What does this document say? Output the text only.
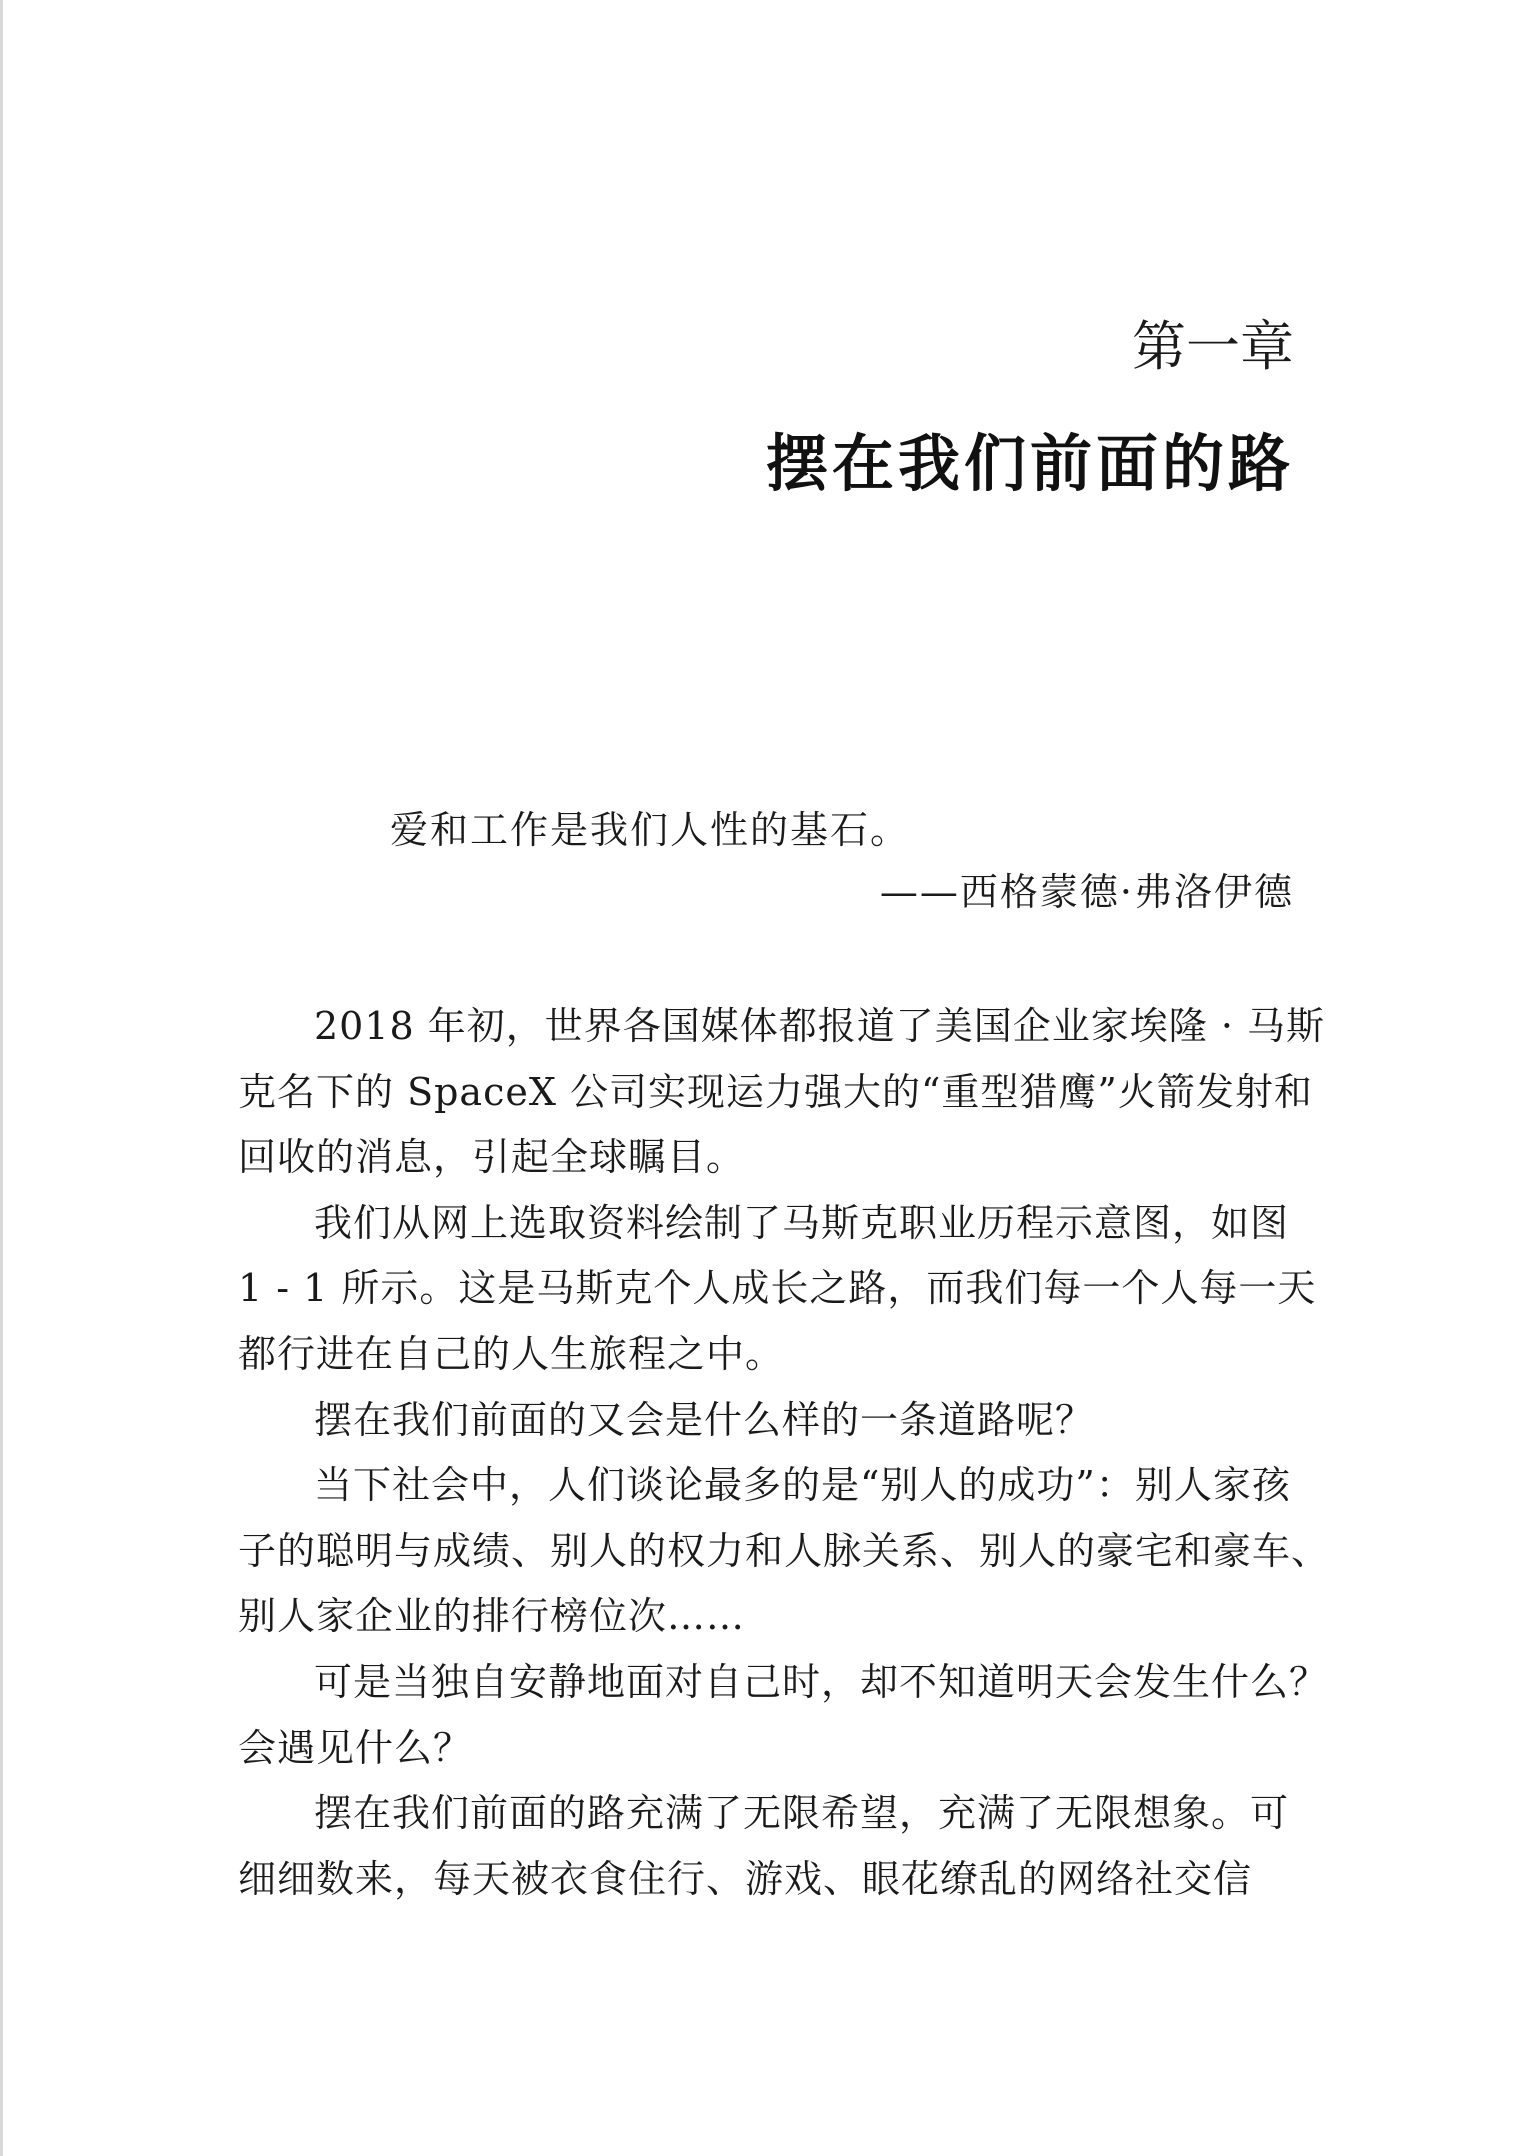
第一章
摆在我们前面的路
爱和工作是我们人性的基石。
——西格蒙德·弗洛伊德
2018 年初，世界各国媒体都报道了美国企业家埃隆 · 马斯
克名下的 SpaceX 公司实现运力强大的“重型猎鹰”火箭发射和
回收的消息，引起全球瞩目。
我们从网上选取资料绘制了马斯克职业历程示意图，如图
1 - 1 所示。这是马斯克个人成长之路，而我们每一个人每一天
都行进在自己的人生旅程之中。
摆在我们前面的又会是什么样的一条道路呢？
当下社会中，人们谈论最多的是“别人的成功”：别人家孩
子的聪明与成绩、别人的权力和人脉关系、别人的豪宅和豪车、
别人家企业的排行榜位次……
可是当独自安静地面对自己时，却不知道明天会发生什么？
会遇见什么？
摆在我们前面的路充满了无限希望，充满了无限想象。可
细细数来，每天被衣食住行、游戏、眼花缭乱的网络社交信
